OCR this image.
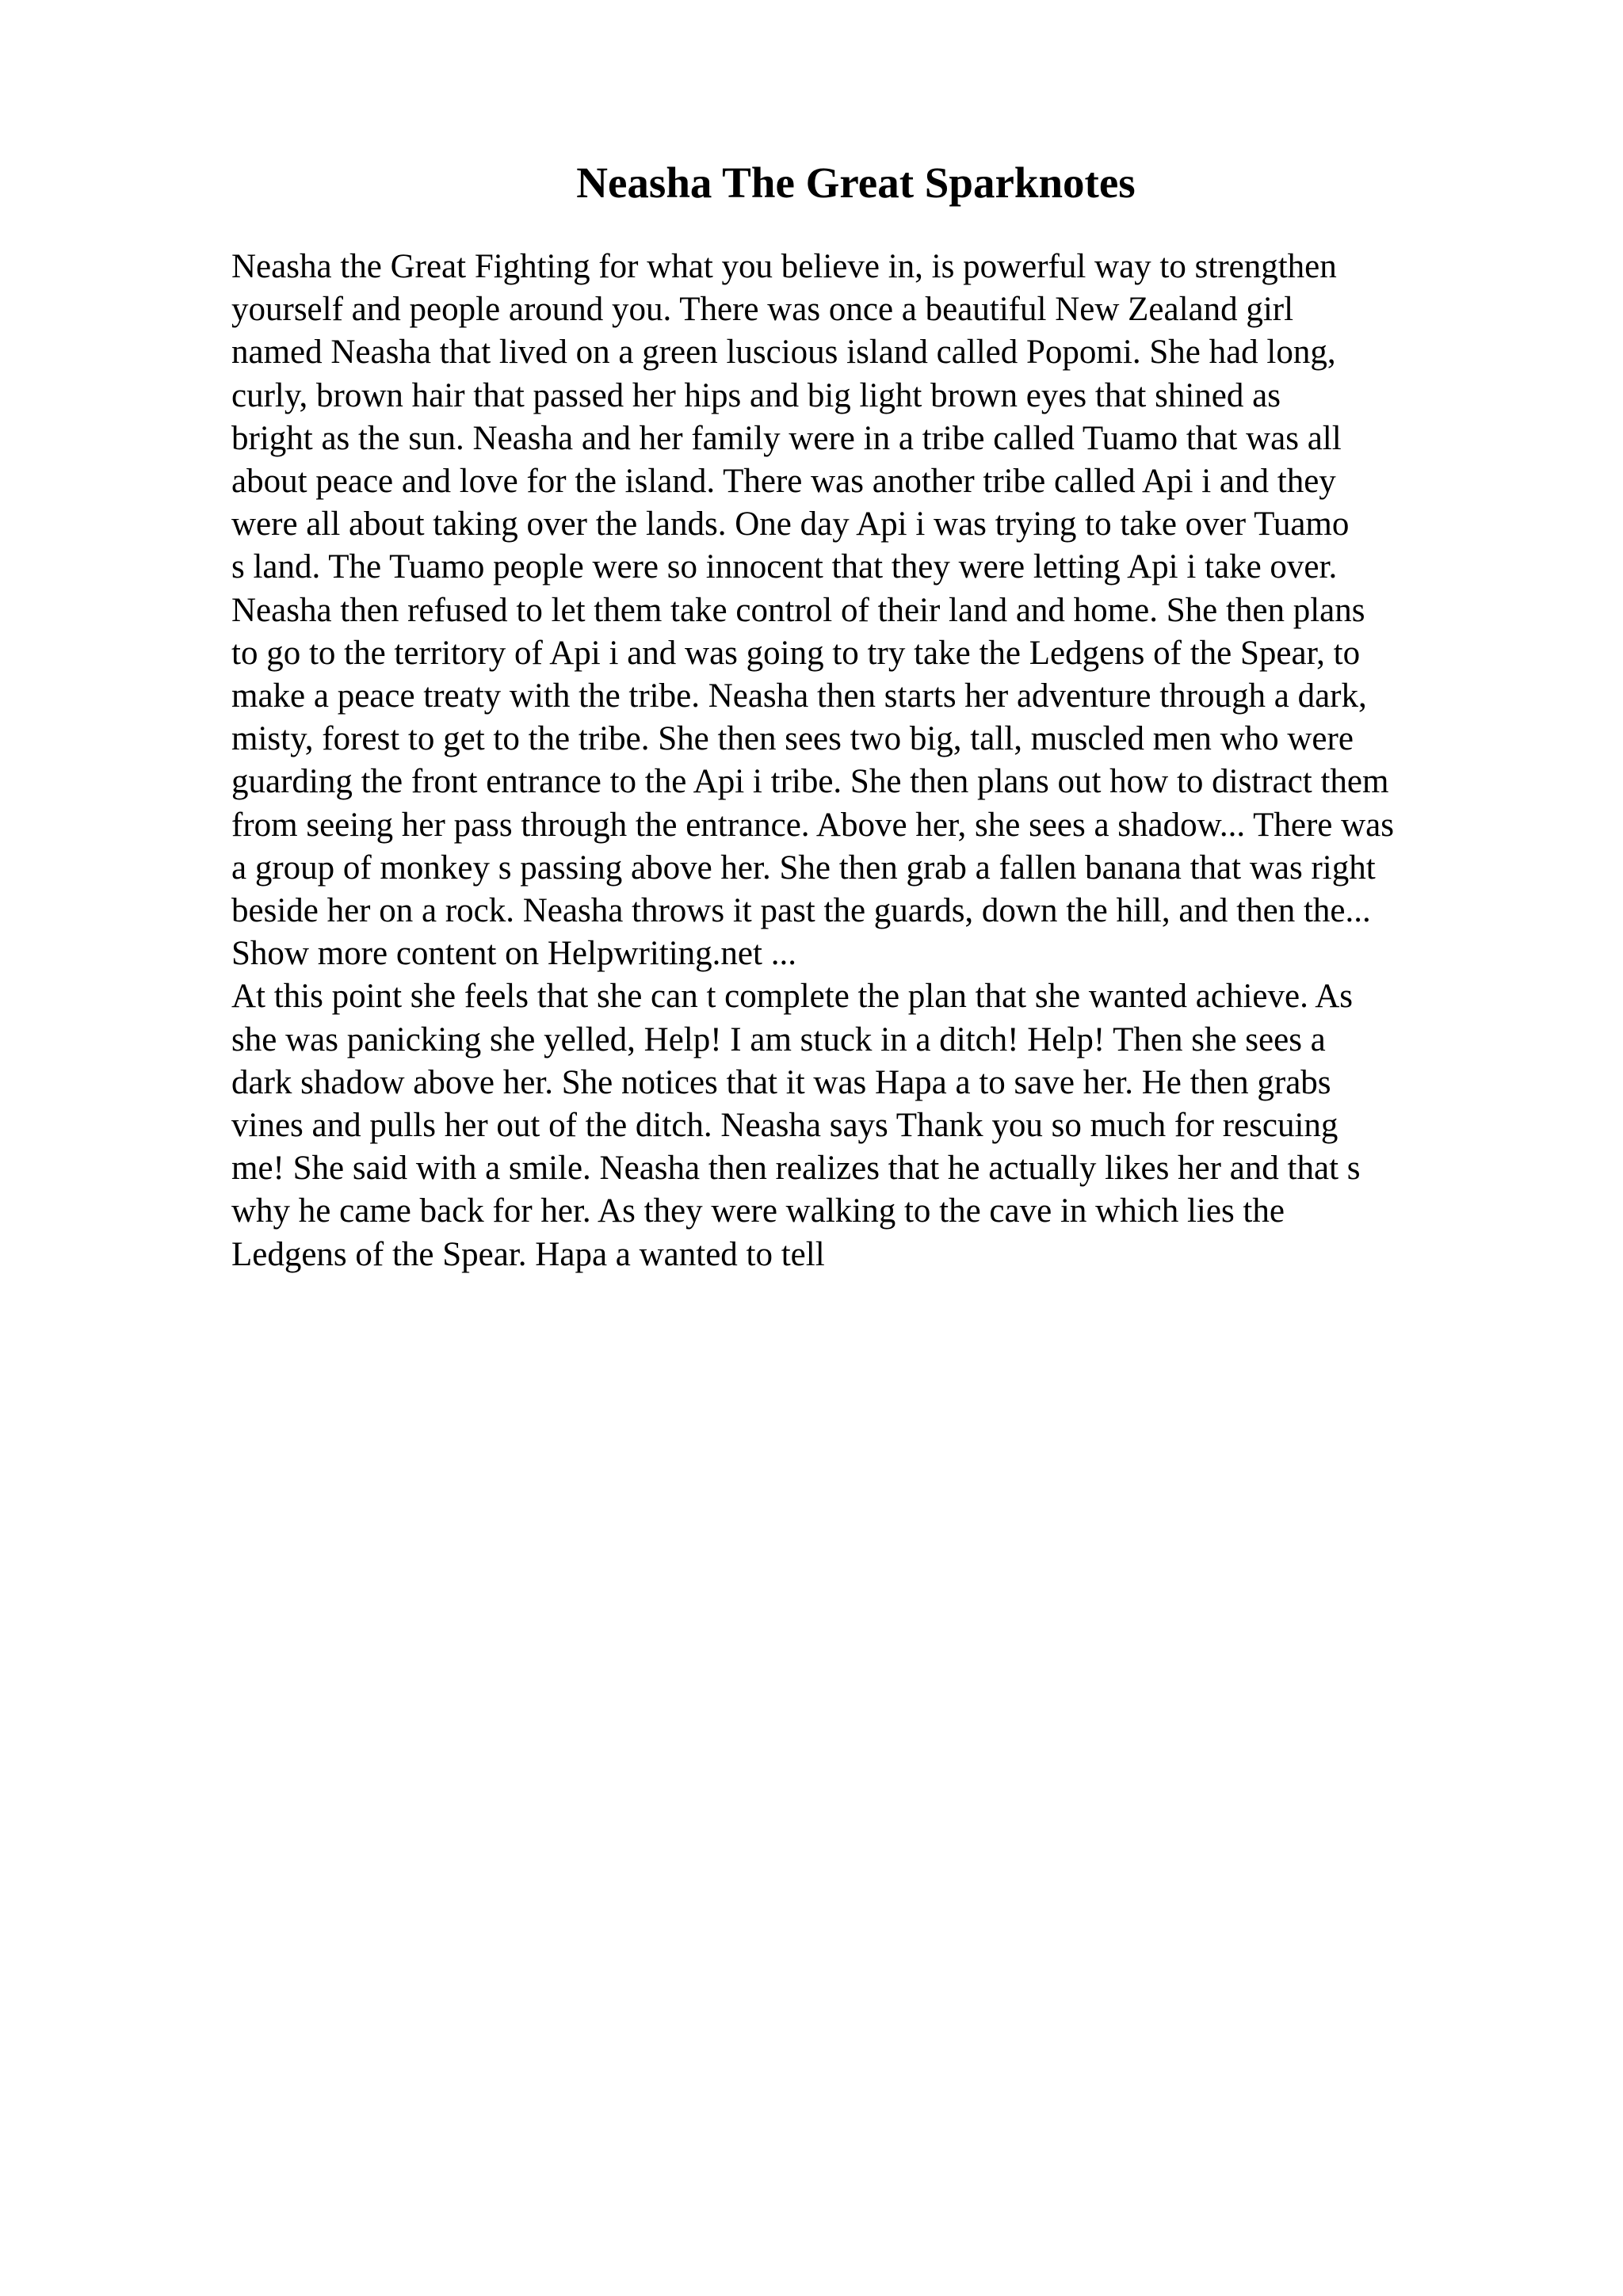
Neasha The Great Sparknotes
Neasha the Great Fighting for what you believe in, is powerful way to strengthen
yourself and people around you. There was once a beautiful New Zealand girl
named Neasha that lived on a green luscious island called Popomi. She had long,
curly, brown hair that passed her hips and big light brown eyes that shined as
bright as the sun. Neasha and her family were in a tribe called Tuamo that was all
about peace and love for the island. There was another tribe called Api i and they
were all about taking over the lands. One day Api i was trying to take over Tuamo
s land. The Tuamo people were so innocent that they were letting Api i take over.
Neasha then refused to let them take control of their land and home. She then plans
to go to the territory of Api i and was going to try take the Ledgens of the Spear, to
make a peace treaty with the tribe. Neasha then starts her adventure through a dark,
misty, forest to get to the tribe. She then sees two big, tall, muscled men who were
guarding the front entrance to the Api i tribe. She then plans out how to distract them
from seeing her pass through the entrance. Above her, she sees a shadow... There was
a group of monkey s passing above her. She then grab a fallen banana that was right
beside her on a rock. Neasha throws it past the guards, down the hill, and then the...
Show more content on Helpwriting.net ...
At this point she feels that she can t complete the plan that she wanted achieve. As
she was panicking she yelled, Help! I am stuck in a ditch! Help! Then she sees a
dark shadow above her. She notices that it was Hapa a to save her. He then grabs
vines and pulls her out of the ditch. Neasha says Thank you so much for rescuing
me! She said with a smile. Neasha then realizes that he actually likes her and that s
why he came back for her. As they were walking to the cave in which lies the
Ledgens of the Spear. Hapa a wanted to tell
